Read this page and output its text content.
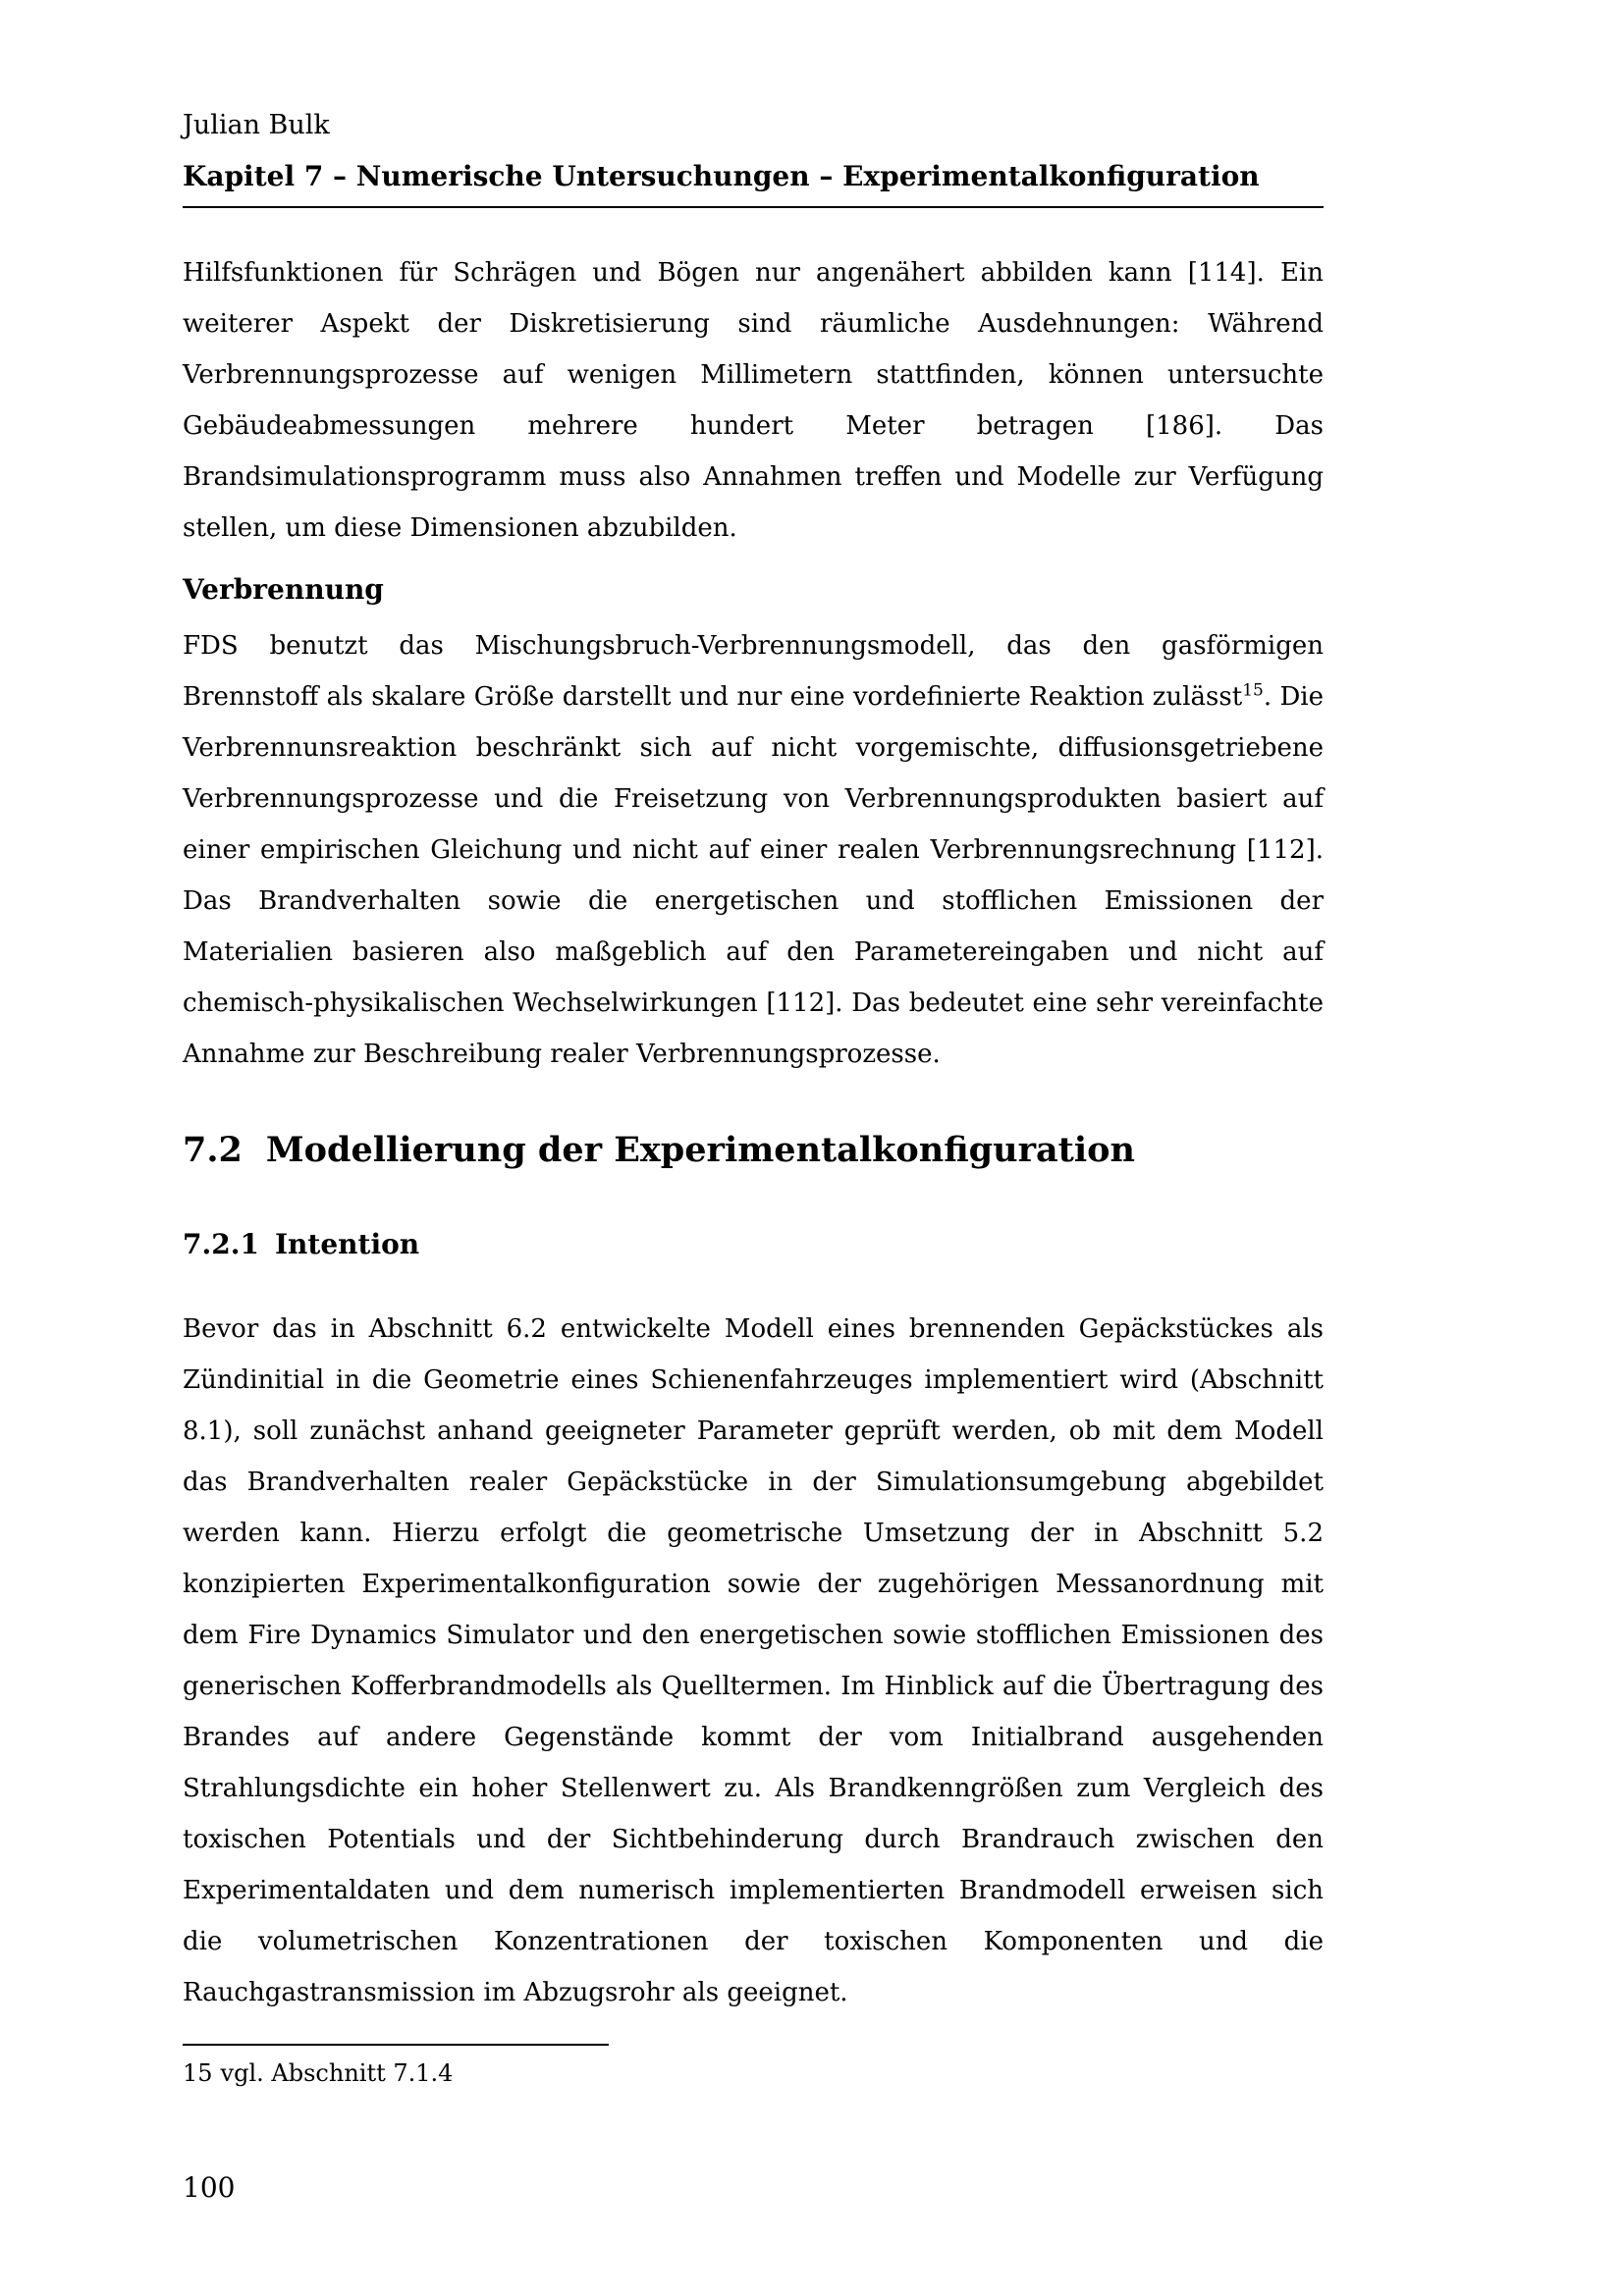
Julian Bulk
Kapitel 7 – Numerische Untersuchungen – Experimentalkonfiguration

Hilfsfunktionen für Schrägen und Bögen nur angenähert abbilden kann [114]. Ein weiterer Aspekt der Diskretisierung sind räumliche Ausdehnungen: Während Verbrennungsprozesse auf wenigen Millimetern stattfinden, können untersuchte Gebäudeabmessungen mehrere hundert Meter betragen [186]. Das Brandsimulationsprogramm muss also Annahmen treffen und Modelle zur Verfügung stellen, um diese Dimensionen abzubilden.

Verbrennung

FDS benutzt das Mischungsbruch-Verbrennungsmodell, das den gasförmigen Brennstoff als skalare Größe darstellt und nur eine vordefinierte Reaktion zulässt$^{15}$. Die Verbrennunsreaktion beschränkt sich auf nicht vorgemischte, diffusionsgetriebene Verbrennungsprozesse und die Freisetzung von Verbrennungsprodukten basiert auf einer empirischen Gleichung und nicht auf einer realen Verbrennungsrechnung [112]. Das Brandverhalten sowie die energetischen und stofflichen Emissionen der Materialien basieren also maßgeblich auf den Parametereingaben und nicht auf chemisch-physikalischen Wechselwirkungen [112]. Das bedeutet eine sehr vereinfachte Annahme zur Beschreibung realer Verbrennungsprozesse.

7.2 Modellierung der Experimentalkonfiguration
7.2.1 Intention

Bevor das in Abschnitt 6.2 entwickelte Modell eines brennenden Gepäckstückes als Zündinitial in die Geometrie eines Schienenfahrzeuges implementiert wird (Abschnitt 8.1), soll zunächst anhand geeigneter Parameter geprüft werden, ob mit dem Modell das Brandverhalten realer Gepäckstücke in der Simulationsumgebung abgebildet werden kann. Hierzu erfolgt die geometrische Umsetzung der in Abschnitt 5.2 konzipierten Experimentalkonfiguration sowie der zugehörigen Messanordnung mit dem Fire Dynamics Simulator und den energetischen sowie stofflichen Emissionen des generischen Kofferbrandmodells als Quelltermen. Im Hinblick auf die Übertragung des Brandes auf andere Gegenstände kommt der vom Initialbrand ausgehenden Strahlungsdichte ein hoher Stellenwert zu. Als Brandkenngrößen zum Vergleich des toxischen Potentials und der Sichtbehinderung durch Brandrauch zwischen den Experimentaldaten und dem numerisch implementierten Brandmodell erweisen sich die volumetrischen Konzentrationen der toxischen Komponenten und die Rauchgastransmission im Abzugsrohr als geeignet.

15 vgl. Abschnitt 7.1.4
100
